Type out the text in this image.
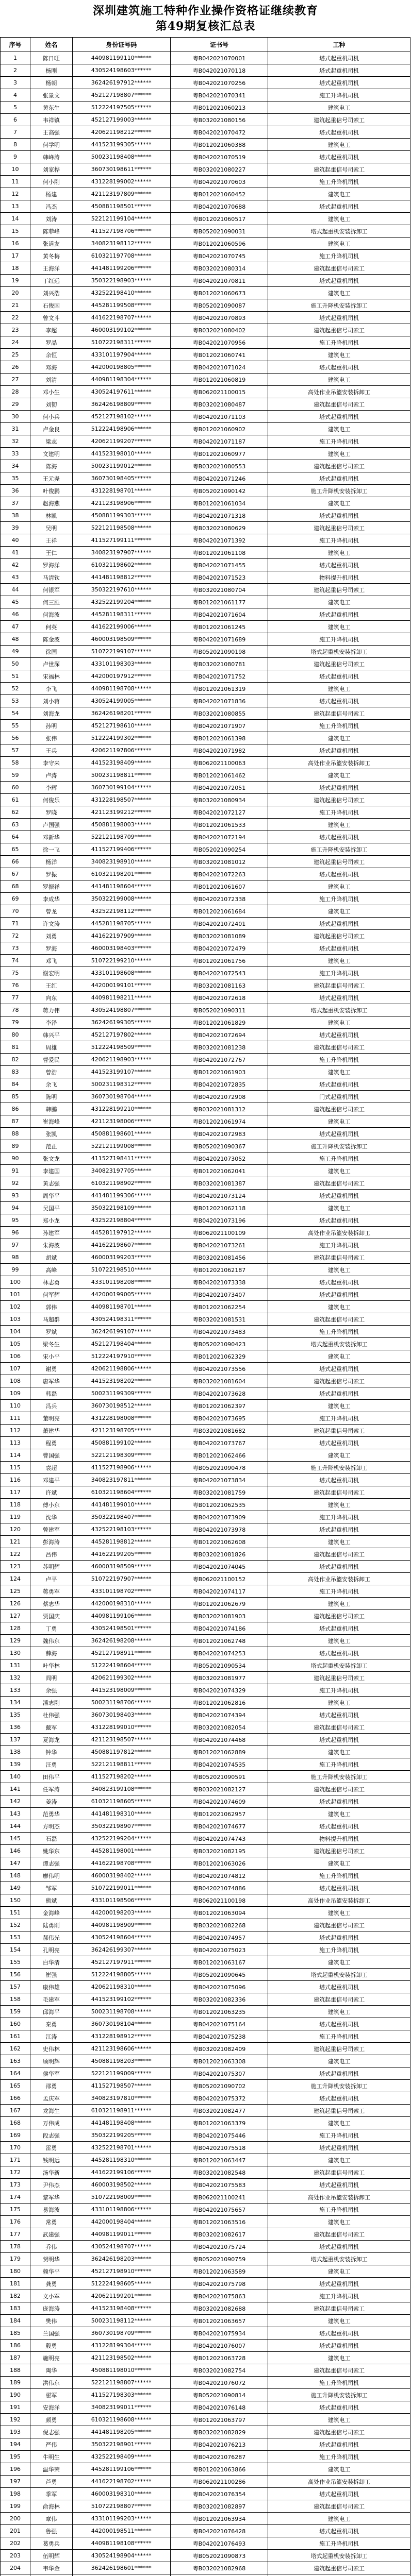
深圳建筑施工特种作业操作资格证继续教育
第49期复核汇总表
序号	姓名	身份证号码	证书号	工种
1	陈日旺	440981199110******	粤B042021070001	塔式起重机司机
2	杨刚	430524198603******	粤B042021070118	塔式起重机司机
3	杨朝	362426197912******	粤B042021070256	塔式起重机司机
4	张景文	452127198807******	粤B042021070341	施工升降机司机
5	黄东生	512224197505******	粤B012021060213	建筑电工
6	韦祥镇	452127199003******	粤B032021080156	建筑起重信号司索工
7	王高强	420621198212******	粤B042021070472	塔式起重机司机
8	何学明	441523199305******	粤B012021060388	建筑电工
9	韩峰涛	500231198408******	粤B042021070519	塔式起重机司机
10	刘家桦	360730198611******	粤B032021080227	建筑起重信号司索工
11	何小刚	431228199002******	粤B042021070603	施工升降机司机
12	杨建	421123197809******	粤B012021060452	建筑电工
13	冯杰	450881198501******	粤B042021070688	塔式起重机司机
14	刘涛	522121199104******	粤B012021060517	建筑电工
15	陈菲峰	411527198706******	粤B052021090031	塔式起重机安装拆卸工
16	张道友	340823198112******	粤B012021060596	建筑电工
17	黄冬梅	610321197708******	粤B042021070745	施工升降机司机
18	王海洋	441481199206******	粤B032021080314	建筑起重信号司索工
19	丁红远	350322198903******	粤B042021070811	塔式起重机司机
20	刘兴浩	432522198410******	粤B012021060673	建筑电工
21	石俊国	445281199508******	粤B052021090087	施工升降机安装拆卸工
22	曾文斗	441622198707******	粤B042021070893	塔式起重机司机
23	李超	460003199102******	粤B032021080402	建筑起重信号司索工
24	罗晶	510722198311******	粤B042021070956	施工升降机司机
25	余恒	433101197904******	粤B012021060741	建筑电工
26	邓海	442000198805******	粤B042021071024	塔式起重机司机
27	刘清	440981198304******	粤B012021060819	建筑电工
28	邓小生	430524197611******	粤B062021100015	高处作业吊篮安装拆卸工
29	刘韧	362426198809******	粤B032021080487	建筑起重信号司索工
30	何小兵	452127198102******	粤B042021071103	塔式起重机司机
31	卢金良	512224198906******	粤B012021060902	建筑电工
32	梁志	420621199207******	粤B042021071187	施工升降机司机
33	文建明	441523198010******	粤B012021060977	建筑电工
34	陈海	500231199012******	粤B032021080553	建筑起重信号司索工
35	王元尧	360730198405******	粤B042021071246	塔式起重机司机
36	叶俊鹏	431228198701******	粤B052021090142	施工升降机安装拆卸工
37	赵海燕	421123198906******	粤B012021061034	建筑电工
38	林凯	450881199303******	粤B042021071318	塔式起重机司机
39	吴明	522121198508******	粤B032021080629	建筑起重信号司索工
40	王祥	411527199111******	粤B042021071392	施工升降机司机
41	王仁	340823197907******	粤B012021061108	建筑电工
42	罗海洋	610321198602******	粤B042021071455	塔式起重机司机
43	马清钦	441481198812******	粤B042021071523	物料提升机司机
44	何银军	350322197610******	粤B032021080704	建筑起重信号司索工
45	何三胜	432522199204******	粤B012021061177	建筑电工
46	何海波	445281198311******	粤B042021071604	塔式起重机司机
47	何英	441622199006******	粤B012021061245	建筑电工
48	陈金波	460003198509******	粤B042021071689	施工升降机司机
49	徐国	510722199107******	粤B052021090198	塔式起重机安装拆卸工
50	卢世深	433101198303******	粤B032021080781	建筑起重信号司索工
51	宋福林	442000197912******	粤B042021071752	塔式起重机司机
52	李飞	440981198708******	粤B012021061319	建筑电工
53	刘小蒋	430524199005******	粤B042021071836	塔式起重机司机
54	刘海龙	362426198201******	粤B032021080855	建筑起重信号司索工
55	孙明	452127198610******	粤B042021071907	施工升降机司机
56	张伟	512224199302******	粤B012021061398	建筑电工
57	王兵	420621197806******	粤B042021071982	塔式起重机司机
58	李守来	441523198409******	粤B062021100063	高处作业吊篮安装拆卸工
59	卢涛	500231198811******	粤B012021061462	建筑电工
60	李辉	360730199104******	粤B042021072051	塔式起重机司机
61	何俊乐	431228198507******	粤B032021080934	建筑起重信号司索工
62	罗晓	421123199212******	粤B042021072127	施工升降机司机
63	卢国强	450881198003******	粤B012021061533	建筑电工
64	邓新华	522121198709******	粤B042021072194	塔式起重机司机
65	徐一飞	411527199406******	粤B052021090254	施工升降机安装拆卸工
66	杨洋	340823198910******	粤B032021081012	建筑起重信号司索工
67	罗振	610321198201******	粤B042021072263	塔式起重机司机
68	罗振祥	441481198604******	粤B012021061607	建筑电工
69	李成华	350322199008******	粤B042021072338	施工升降机司机
70	曾龙	432522198112******	粤B012021061684	建筑电工
71	许文涛	445281198705******	粤B042021072401	塔式起重机司机
72	刘勇	441622197909******	粤B032021081089	建筑起重信号司索工
73	罗海	460003198403******	粤B042021072479	塔式起重机司机
74	邓飞	510722199210******	粤B012021061756	建筑电工
75	谢宏明	433101198608******	粤B042021072543	施工升降机司机
76	王红	442000199101******	粤B032021081163	建筑起重信号司索工
77	向东	440981198211******	粤B042021072618	塔式起重机司机
78	蒋力伟	430524198807******	粤B052021090311	塔式起重机安装拆卸工
79	李泽	362426199305******	粤B012021061829	建筑电工
80	韩兴平	452127197802******	粤B042021072694	塔式起重机司机
81	周雄	512224198509******	粤B032021081238	建筑起重信号司索工
82	曹爱民	420621198903******	粤B042021072767	施工升降机司机
83	曾浩	441523199107******	粤B012021061903	建筑电工
84	余飞	500231198312******	粤B042021072835	塔式起重机司机
85	陈明	360730198704******	粤B042021072908	门式起重机司机
86	韩鹏	431228199210******	粤B032021081312	建筑起重信号司索工
87	崔海峰	421123198006******	粤B012021061974	建筑电工
88	张凯	450881198601******	粤B042021072983	塔式起重机司机
89	范正	522121199008******	粤B052021090367	施工升降机安装拆卸工
90	张文龙	411527198411******	粤B042021073052	施工升降机司机
91	李建国	340823197705******	粤B012021062041	建筑电工
92	黄志强	610321198902******	粤B032021081387	建筑起重信号司索工
93	周华平	441481199306******	粤B042021073124	塔式起重机司机
94	吴国平	350322198109******	粤B012021062118	建筑电工
95	郑小龙	432522198804******	粤B042021073196	塔式起重机司机
96	孙建军	445281197912******	粤B062021100109	高处作业吊篮安装拆卸工
97	朱海波	441622198607******	粤B042021073261	施工升降机司机
98	胡斌	460003199203******	粤B032021081456	建筑起重信号司索工
99	高峰	510722198510******	粤B012021062187	建筑电工
100	林志勇	433101198208******	粤B042021073338	塔式起重机司机
101	何军辉	442000199005******	粤B042021073407	塔式起重机司机
102	郭伟	440981198701******	粤B012021062254	建筑电工
103	马超群	430524198311******	粤B032021081531	建筑起重信号司索工
104	罗斌	362426199107******	粤B042021073483	施工升降机司机
105	梁冬生	452127198404******	粤B052021090423	塔式起重机安装拆卸工
106	宋小平	512224197910******	粤B012021062329	建筑电工
107	谢勇	420621198806******	粤B042021073556	塔式起重机司机
108	唐军华	441523198202******	粤B032021081604	建筑起重信号司索工
109	韩磊	500231199309******	粤B042021073628	塔式起重机司机
110	冯兵	360730198512******	粤B012021062397	建筑电工
111	董明亮	431228198008******	粤B042021073695	施工升降机司机
112	萧建华	421123198705******	粤B032021081682	建筑起重信号司索工
113	程勇	450881199102******	粤B042021073767	塔式起重机司机
114	曹国强	522121198309******	粤B012021062466	建筑电工
115	袁超	411527198906******	粤B052021090478	施工升降机安装拆卸工
116	邓建平	340823197811******	粤B042021073834	塔式起重机司机
117	许斌	610321198604******	粤B032021081759	建筑起重信号司索工
118	傅小东	441481199010******	粤B012021062535	建筑电工
119	沈华	350322198407******	粤B042021073909	施工升降机司机
120	曾建军	432522198103******	粤B042021073978	塔式起重机司机
121	彭海涛	445281198812******	粤B012021062608	建筑电工
122	吕伟	441622199205******	粤B032021081826	建筑起重信号司索工
123	苏明辉	460003198509******	粤B042021074045	塔式起重机司机
124	卢平	510722197907******	粤B062021100152	高处作业吊篮安装拆卸工
125	蒋勇军	433101198702******	粤B042021074117	施工升降机司机
126	蔡志华	442000198310******	粤B012021062679	建筑电工
127	贾国庆	440981199106******	粤B032021081903	建筑起重信号司索工
128	丁勇	430524198501******	粤B042021074186	塔式起重机司机
129	魏伟东	362426198208******	粤B012021062748	建筑电工
130	薛海	452127198911******	粤B042021074253	塔式起重机司机
131	叶华林	512224198604******	粤B052021090534	塔式起重机安装拆卸工
132	阎明	420621199302******	粤B032021081977	建筑起重信号司索工
133	余强	441523198009******	粤B042021074329	施工升降机司机
134	潘志刚	500231198706******	粤B012021062816	建筑电工
135	杜伟强	360730198403******	粤B042021074394	塔式起重机司机
136	戴军	431228199010******	粤B032021082054	建筑起重信号司索工
137	夏海龙	421123198507******	粤B042021074468	塔式起重机司机
138	钟华	450881197812******	粤B012021062889	建筑电工
139	汪勇	522121198811******	粤B042021074535	施工升降机司机
140	田伟平	411527198202******	粤B052021090591	施工升降机安装拆卸工
141	任军涛	340823199108******	粤B032021082127	建筑起重信号司索工
142	姜涛	610321198605******	粤B042021074609	塔式起重机司机
143	范勇华	441481198310******	粤B012021062957	建筑电工
144	方明杰	350322198907******	粤B042021074677	塔式起重机司机
145	石磊	432522199204******	粤B042021074743	物料提升机司机
146	姚华东	445281198001******	粤B032021082195	建筑起重信号司索工
147	谭志强	441622198708******	粤B012021063026	建筑电工
148	廖伟明	460003198402******	粤B042021074812	施工升降机司机
149	邹军	510722199011******	粤B042021074886	塔式起重机司机
150	熊斌	433101198506******	粤B062021100198	高处作业吊篮安装拆卸工
151	金海峰	442000198203******	粤B012021063094	建筑电工
152	陆勇刚	440981198909******	粤B032021082268	建筑起重信号司索工
153	郝伟光	430524198604******	粤B042021074957	塔式起重机司机
154	孔明亮	362426199307******	粤B042021075023	施工升降机司机
155	白华清	452127197911******	粤B012021063167	建筑电工
156	崔强	512224198805******	粤B052021090645	塔式起重机安装拆卸工
157	康伟雄	420621198310******	粤B042021075096	塔式起重机司机
158	毛建军	441523199102******	粤B032021082336	建筑起重信号司索工
159	邱海平	500231198708******	粤B012021063235	建筑电工
160	秦勇	360730198104******	粤B042021075164	塔式起重机司机
161	江涛	431228198912******	粤B042021075238	施工升降机司机
162	史伟林	421123198606******	粤B032021082409	建筑起重信号司索工
163	顾明辉	450881198203******	粤B012021063308	建筑电工
164	侯华军	522121199009******	粤B042021075307	塔式起重机司机
165	邵勇	411527198507******	粤B052021090702	施工升降机安装拆卸工
166	孟庆军	340823197810******	粤B042021075372	塔式起重机司机
167	龙海生	610321198911******	粤B032021082477	建筑起重信号司索工
168	万伟成	441481198408******	粤B012021063379	建筑电工
169	段志强	350322199205******	粤B042021075446	施工升降机司机
170	雷勇	432522198701******	粤B042021075518	塔式起重机司机
171	钱明远	445281198310******	粤B012021063447	建筑电工
172	汤华新	441622199106******	粤B032021082548	建筑起重信号司索工
173	尹伟杰	460003198502******	粤B042021075583	塔式起重机司机
174	黎军华	510722198009******	粤B062021100241	高处作业吊篮安装拆卸工
175	易海波	433101198806******	粤B042021075657	施工升降机司机
176	常勇	442000198404******	粤B012021063516	建筑电工
177	武建强	440981199011******	粤B032021082617	建筑起重信号司索工
178	乔伟	430524198707******	粤B042021075724	塔式起重机司机
179	贺明华	362426198203******	粤B052021090759	塔式起重机安装拆卸工
180	赖华平	452127198910******	粤B012021063589	建筑电工
181	龚勇	512224198605******	粤B042021075798	塔式起重机司机
182	文小军	420621199201******	粤B042021075863	施工升降机司机
183	庞海涛	441523198408******	粤B032021082688	建筑起重信号司索工
184	樊伟	500231198112******	粤B012021063657	建筑电工
185	兰国强	360730198709******	粤B042021075934	塔式起重机司机
186	殷勇	431228199304******	粤B042021076007	塔式起重机司机
187	施明亮	421123198502******	粤B012021063728	建筑电工
188	陶华	450881198010******	粤B032021082754	建筑起重信号司索工
189	洪伟东	522121198807******	粤B042021076072	施工升降机司机
190	翟军	411527198303******	粤B052021090814	施工升降机安装拆卸工
191	安海洋	340823199011******	粤B042021076148	塔式起重机司机
192	颜勇	610321198608******	粤B012021063797	建筑电工
193	倪志强	441481198205******	粤B032021082829	建筑起重信号司索工
194	严伟	350322198901******	粤B042021076213	塔式起重机司机
195	牛明生	432522198409******	粤B042021076287	施工升降机司机
196	温华荣	445281199106******	粤B012021063866	建筑电工
197	芦勇	441622198702******	粤B062021100286	高处作业吊篮安装拆卸工
198	季军	460003198310******	粤B042021076354	塔式起重机司机
199	俞海林	510722198807******	粤B032021082897	建筑起重信号司索工
200	章伟	433101199203******	粤B012021063934	建筑电工
201	鲁强	442000198511******	粤B042021076428	塔式起重机司机
202	葛勇兵	440981198108******	粤B042021076493	施工升降机司机
203	伍明辉	430524198904******	粤B052021090873	塔式起重机安装拆卸工
204	韦华金	362426198601******	粤B032021082968	建筑起重信号司索工
